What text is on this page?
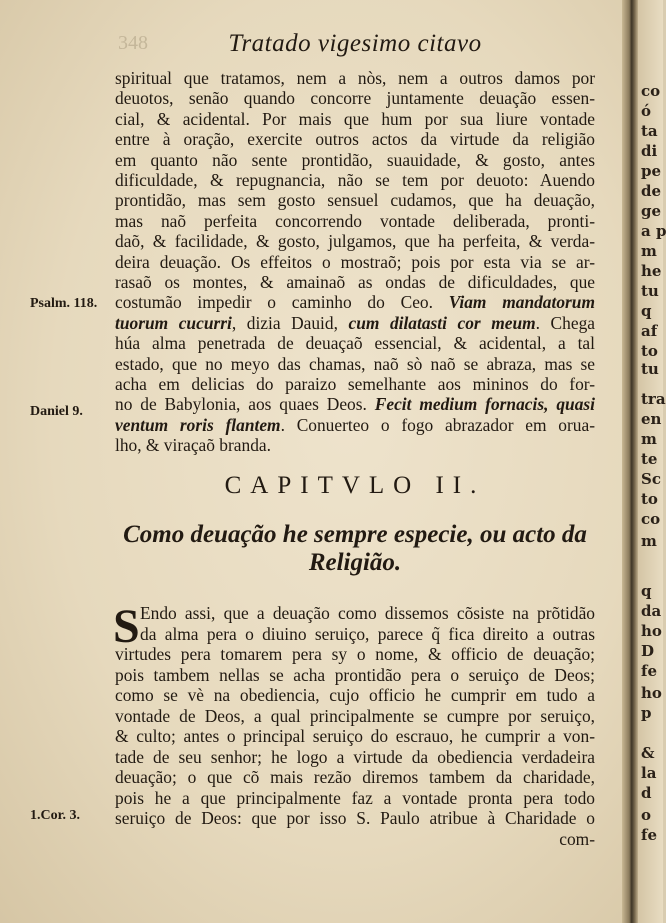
348	Tratado vigesimo citavo
Psalm. 118.
Daniel 9.
1.Cor. 3.
CAPITVLO II.
Como deuação he sempre especie, ou acto da
Religião.
S
com-
spiritual que tratamos, nem a nòs, nem a outros damos por
deuotos, senão quando concorre juntamente deuação essen-
cial, & acidental. Por mais que hum por sua liure vontade
entre à oração, exercite outros actos da virtude da religião
em quanto não sente prontidão, suauidade, & gosto, antes
dificuldade, & repugnancia, não se tem por deuoto: Auendo
prontidão, mas sem gosto sensuel cudamos, que ha deuação,
mas naõ perfeita concorrendo vontade deliberada, pronti-
daõ, & facilidade, & gosto, julgamos, que ha perfeita, & verda-
deira deuação. Os effeitos o mostraõ; pois por esta via se ar-
rasaõ os montes, & amainaõ as ondas de dificuldades, que
costumão impedir o caminho do Ceo. Viam mandatorum
tuorum cucurri, dizia Dauid, cum dilatasti cor meum. Chega
húa alma penetrada de deuaçaõ essencial, & acidental, a tal
estado, que no meyo das chamas, naõ sò naõ se abraza, mas se
acha em delicias do paraizo semelhante aos mininos do for-
no de Babylonia, aos quaes Deos. Fecit medium fornacis, quasi
ventum roris flantem. Conuerteo o fogo abrazador em orua-
lho, & viraçaõ branda.
Endo assi, que a deuação como dissemos cõsiste na prõtidão
da alma pera o diuino seruiço, parece q̃ fica direito a outras
virtudes pera tomarem pera sy o nome, & officio de deuação;
pois tambem nellas se acha prontidão pera o seruiço de Deos;
como se vè na obediencia, cujo officio he cumprir em tudo a
vontade de Deos, a qual principalmente se cumpre por seruiço,
& culto; antes o principal seruiço do escrauo, he cumprir a von-
tade de seu senhor; he logo a virtude da obediencia verdadeira
deuação; o que cõ mais rezão diremos tambem da charidade,
pois he a que principalmente faz a vontade pronta pera todo
seruiço de Deos: que por isso S. Paulo atribue à Charidade o
co
ó
ta
di
pe
de
ge
a p
m
he
tu
q
af
to
tu
tra
en
m
te
Sc
to
co
m
q
da
ho
D
fe
ho
p
&
la
d
o
fe
